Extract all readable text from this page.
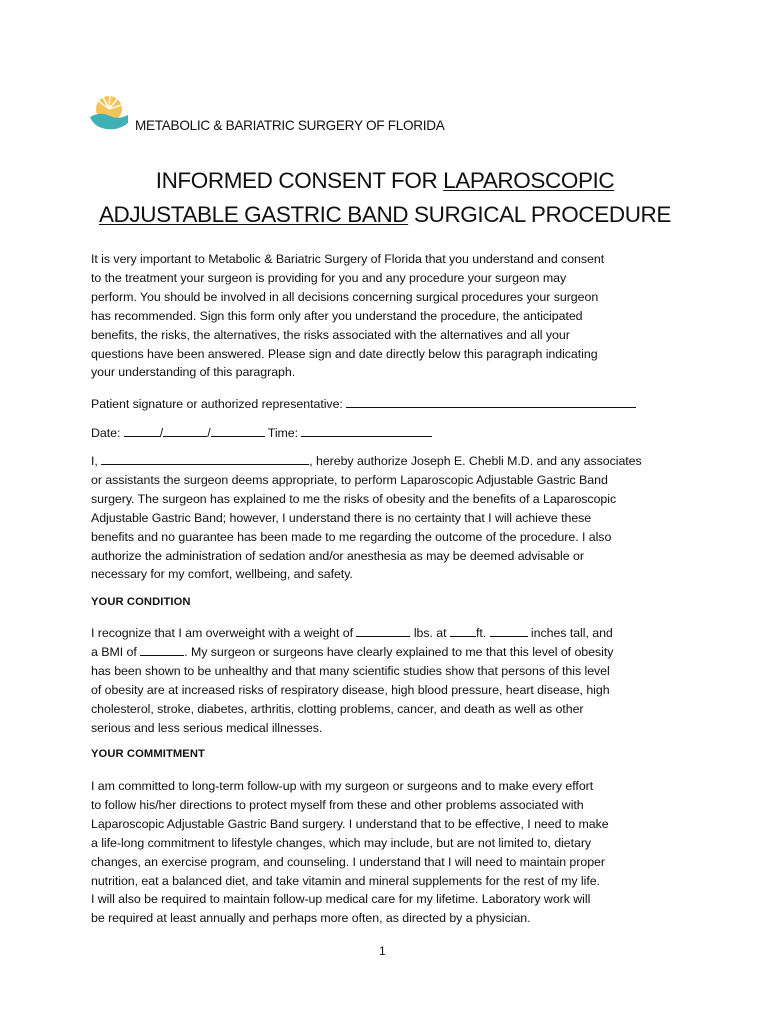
METABOLIC & BARIATRIC SURGERY OF FLORIDA
INFORMED CONSENT FOR LAPAROSCOPIC
ADJUSTABLE GASTRIC BAND SURGICAL PROCEDURE
It is very important to Metabolic & Bariatric Surgery of Florida that you understand and consent
to the treatment your surgeon is providing for you and any procedure your surgeon may
perform. You should be involved in all decisions concerning surgical procedures your surgeon
has recommended. Sign this form only after you understand the procedure, the anticipated
benefits, the risks, the alternatives, the risks associated with the alternatives and all your
questions have been answered. Please sign and date directly below this paragraph indicating
your understanding of this paragraph.
Patient signature or authorized representative:
Date:	/	/	Time:
I,	, hereby authorize Joseph E. Chebli M.D. and any associates
or assistants the surgeon deems appropriate, to perform Laparoscopic Adjustable Gastric Band
surgery. The surgeon has explained to me the risks of obesity and the benefits of a Laparoscopic
Adjustable Gastric Band; however, I understand there is no certainty that I will achieve these
benefits and no guarantee has been made to me regarding the outcome of the procedure. I also
authorize the administration of sedation and/or anesthesia as may be deemed advisable or
necessary for my comfort, wellbeing, and safety.
YOUR CONDITION
I recognize that I am overweight with a weight of	lbs. at ft.	inches tall, and
a BMI of	. My surgeon or surgeons have clearly explained to me that this level of obesity
has been shown to be unhealthy and that many scientific studies show that persons of this level
of obesity are at increased risks of respiratory disease, high blood pressure, heart disease, high
cholesterol, stroke, diabetes, arthritis, clotting problems, cancer, and death as well as other
serious and less serious medical illnesses.
YOUR COMMITMENT
I am committed to long-term follow-up with my surgeon or surgeons and to make every effort
to follow his/her directions to protect myself from these and other problems associated with
Laparoscopic Adjustable Gastric Band surgery. I understand that to be effective, I need to make
a life-long commitment to lifestyle changes, which may include, but are not limited to, dietary
changes, an exercise program, and counseling. I understand that I will need to maintain proper
nutrition, eat a balanced diet, and take vitamin and mineral supplements for the rest of my life.
I will also be required to maintain follow-up medical care for my lifetime. Laboratory work will
be required at least annually and perhaps more often, as directed by a physician.
1
